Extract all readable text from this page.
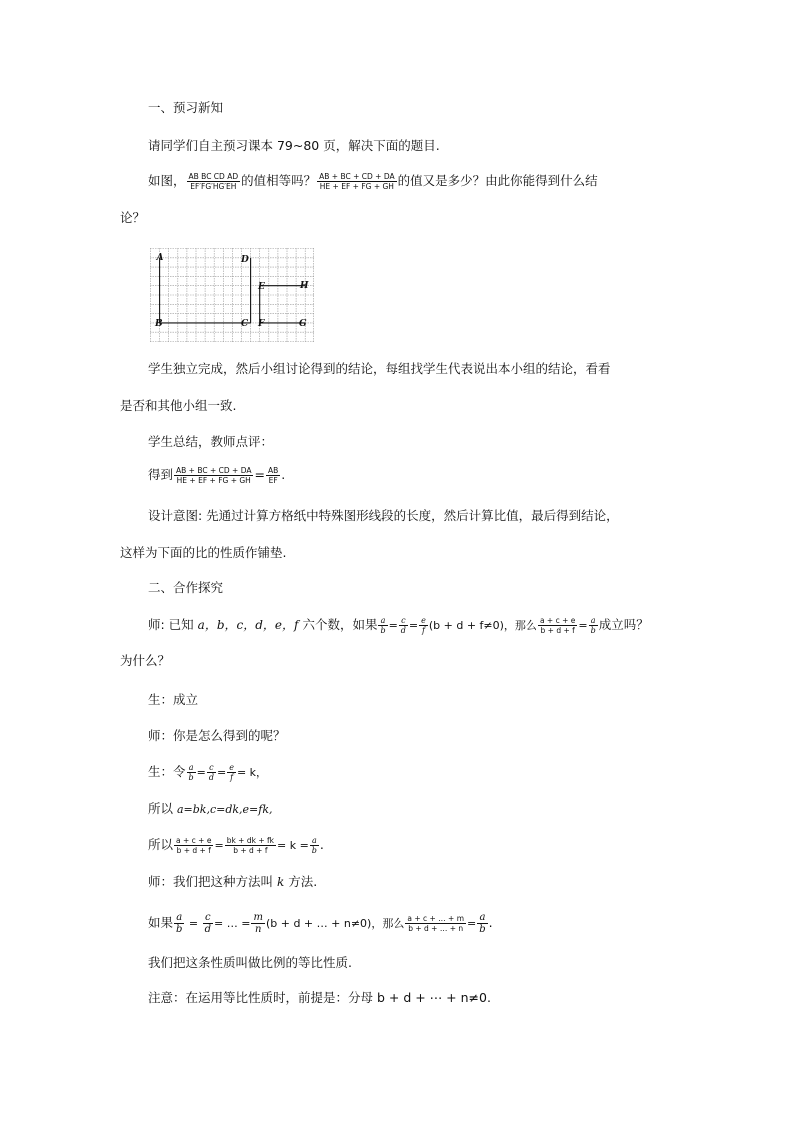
一、预习新知
请同学们自主预习课本 79~80 页，解决下面的题目.
如图， $\frac{\text{AB BC CD AD}}{EF'FG'HG'EH}$ 的值相等吗？ $\frac{AB + BC + CD + DA}{HE + EF + FG + GH}$ 的值又是多少？由此你能得到什么结
论？
A
B	C
D
E
F	G
H
学生独立完成，然后小组讨论得到的结论，每组找学生代表说出本小组的结论，看看
是否和其他小组一致.
学生总结，教师点评：
得到 $\frac{AB + BC + CD + DA}{HE + EF + FG + GH} = \frac{AB}{EF}$ .
设计意图: 先通过计算方格纸中特殊图形线段的长度，然后计算比值，最后得到结论，
这样为下面的比的性质作铺垫.
二、合作探究
师: 已知 a，b，c，d，e，f 六个数，如果 $\frac{a}{b} = \frac{c}{d} = \frac{e}{f} (b + d + f\ne 0)$，那么 $\frac{a + c + e}{b + d + f} = \frac{a}{b}$ 成立吗？
为什么？
生：成立
师：你是怎么得到的呢？
生：令 $\frac{a}{b} = \frac{c}{d} = \frac{e}{f} = k$，
所以 a=bk,c=dk,e=fk,
所以 $\frac{a + c + e}{b + d + f} = \frac{bk + dk + fk}{b + d + f} = k = \frac{a}{b}$ .
师：我们把这种方法叫 k 方法.
如果 $\frac{a}{b} = \frac{c}{d}$ = … = $\frac{m}{n} (b + d$ + … + n≠0)，那么 $\frac{a + c + \dots + m}{b + d + \dots + n} = \frac{a}{b}$ .
我们把这条性质叫做比例的等比性质.
注意：在运用等比性质时，前提是：分母 b + d + ⋯ + n≠0.
